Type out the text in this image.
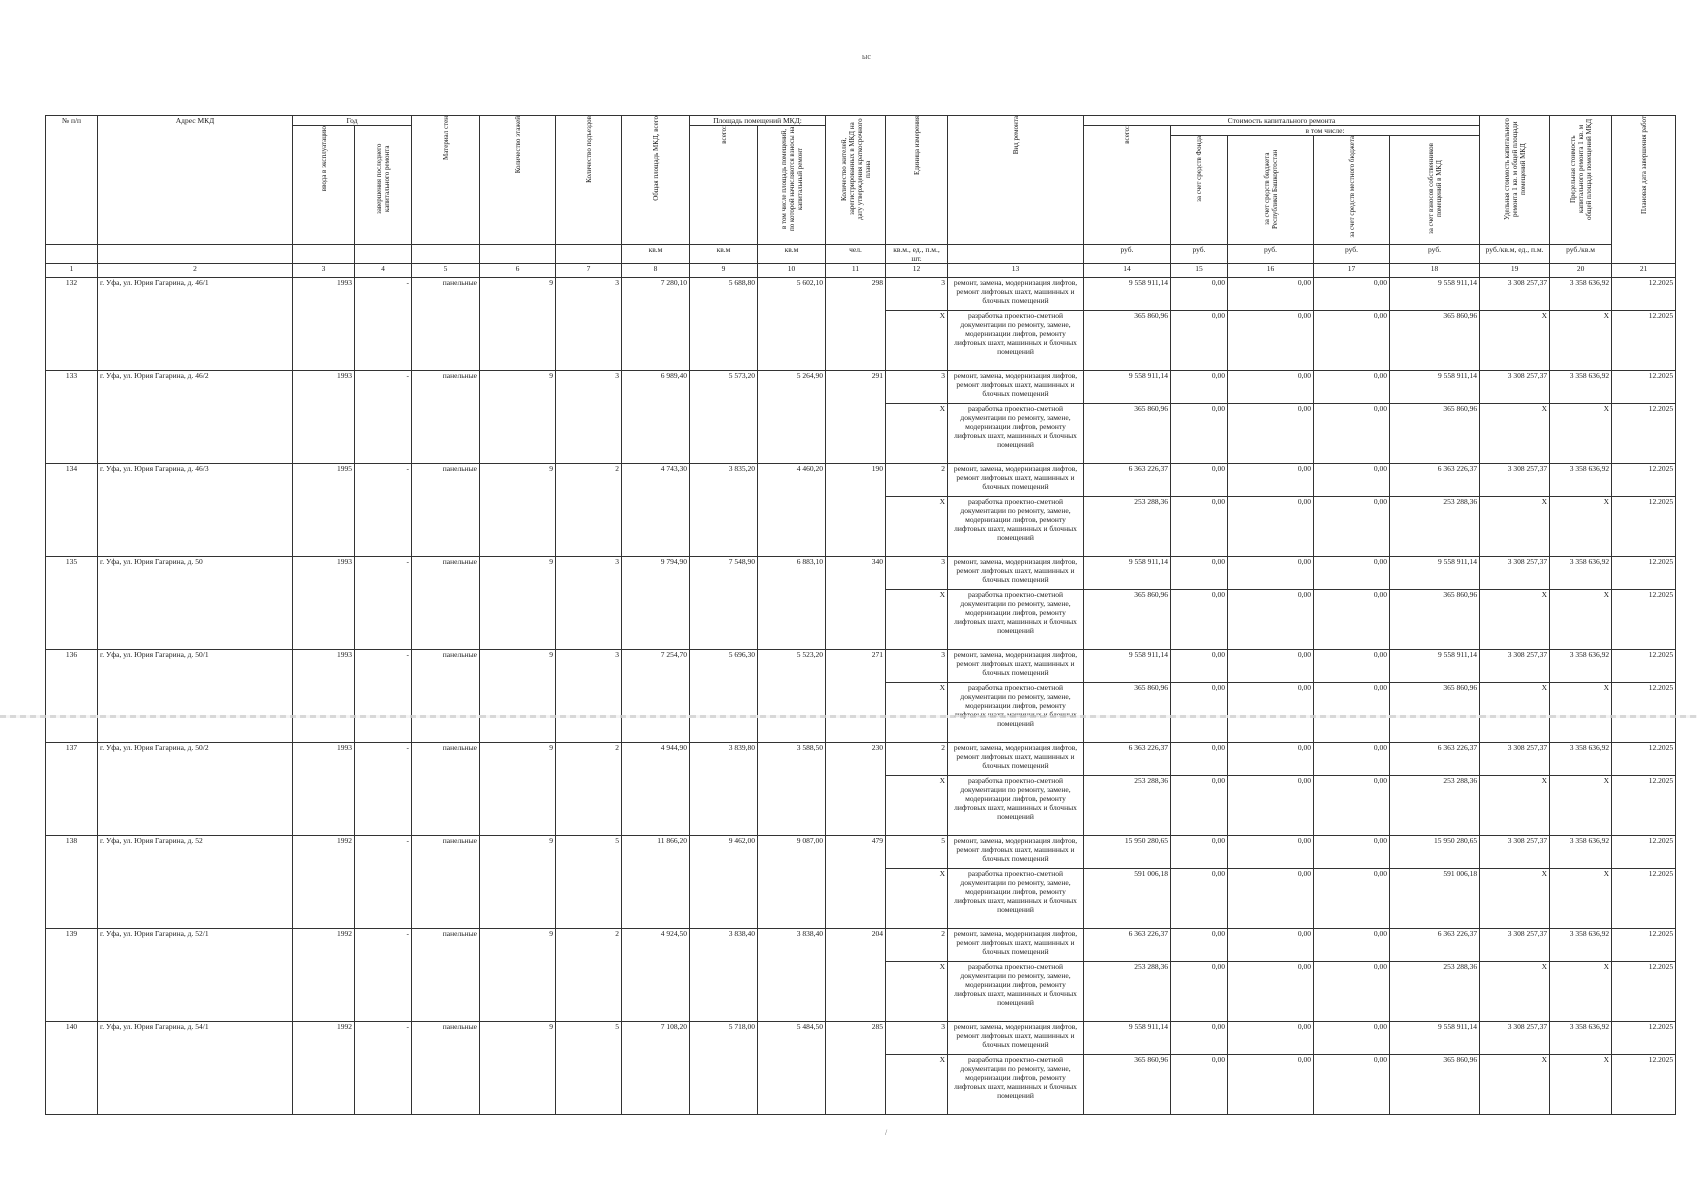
ыс
№ п/п	Адрес МКД	Год		Материал стен	Количество этажей	Количество подъездов	Общая площадь МКД, всего	Площадь помещений МКД:		Количество жителей, зарегистрированных в МКД на дату утверждения краткосрочного плана	Единица измерения	Вид ремонта	Стоимость капитального ремонта					Удельная стоимость капитального ремонта 1 кв. м общей площади помещений МКД	Предельная стоимость капитального ремонта 1 кв. м общей площади помещений МКД	Плановая дата завершения работ
		ввода в эксплуатацию	завершения последнего капитального ремонта					всего:	в том числе площадь помещений, по которой начисляются взносы на капитальный ремонт				всего:	в том числе:						
														за счет средств Фонда	за счет средств бюджета Республики Башкортостан	за счет средств местного бюджета	за счет взносов собственников помещений в МКД			
							кв.м	кв.м	кв.м	чел.	кв.м., ед., п.м., шт.		руб.	руб.	руб.	руб.	руб.	руб./кв.м, ед., п.м.	руб./кв.м	
1	2	3	4	5	6	7	8	9	10	11	12	13	14	15	16	17	18	19	20	21
132	г. Уфа, ул. Юрия Гагарина, д. 46/1	1993	-	панельные	9	3	7 280,10	5 688,80	5 602,10	298	3	ремонт, замена, модернизация лифтов, ремонт лифтовых шахт, машинных и блочных помещений	9 558 911,14	0,00	0,00	0,00	9 558 911,14	3 308 257,37	3 358 636,92	12.2025
											X	разработка проектно-сметной документации по ремонту, замене, модернизации лифтов, ремонту лифтовых шахт, машинных и блочных помещений	365 860,96	0,00	0,00	0,00	365 860,96	X	X	12.2025
133	г. Уфа, ул. Юрия Гагарина, д. 46/2	1993	-	панельные	9	3	6 989,40	5 573,20	5 264,90	291	3	ремонт, замена, модернизация лифтов, ремонт лифтовых шахт, машинных и блочных помещений	9 558 911,14	0,00	0,00	0,00	9 558 911,14	3 308 257,37	3 358 636,92	12.2025
											X	разработка проектно-сметной документации по ремонту, замене, модернизации лифтов, ремонту лифтовых шахт, машинных и блочных помещений	365 860,96	0,00	0,00	0,00	365 860,96	X	X	12.2025
134	г. Уфа, ул. Юрия Гагарина, д. 46/3	1995	-	панельные	9	2	4 743,30	3 835,20	4 460,20	190	2	ремонт, замена, модернизация лифтов, ремонт лифтовых шахт, машинных и блочных помещений	6 363 226,37	0,00	0,00	0,00	6 363 226,37	3 308 257,37	3 358 636,92	12.2025
											X	разработка проектно-сметной документации по ремонту, замене, модернизации лифтов, ремонту лифтовых шахт, машинных и блочных помещений	253 288,36	0,00	0,00	0,00	253 288,36	X	X	12.2025
135	г. Уфа, ул. Юрия Гагарина, д. 50	1993	-	панельные	9	3	9 794,90	7 548,90	6 883,10	340	3	ремонт, замена, модернизация лифтов, ремонт лифтовых шахт, машинных и блочных помещений	9 558 911,14	0,00	0,00	0,00	9 558 911,14	3 308 257,37	3 358 636,92	12.2025
											X	разработка проектно-сметной документации по ремонту, замене, модернизации лифтов, ремонту лифтовых шахт, машинных и блочных помещений	365 860,96	0,00	0,00	0,00	365 860,96	X	X	12.2025
136	г. Уфа, ул. Юрия Гагарина, д. 50/1	1993	-	панельные	9	3	7 254,70	5 696,30	5 523,20	271	3	ремонт, замена, модернизация лифтов, ремонт лифтовых шахт, машинных и блочных помещений	9 558 911,14	0,00	0,00	0,00	9 558 911,14	3 308 257,37	3 358 636,92	12.2025
											X	разработка проектно-сметной документации по ремонту, замене, модернизации лифтов, ремонту помещений	365 860,96	0,00	0,00	0,00	365 860,96	X	X	12.2025
137	г. Уфа, ул. Юрия Гагарина, д. 50/2	1993	-	панельные	9	2	4 944,90	3 839,80	3 588,50	230	2	ремонт, замена, модернизация лифтов, ремонт лифтовых шахт, машинных и блочных помещений	6 363 226,37	0,00	0,00	0,00	6 363 226,37	3 308 257,37	3 358 636,92	12.2025
											X	разработка проектно-сметной документации по ремонту, замене, модернизации лифтов, ремонту лифтовых шахт, машинных и блочных помещений	253 288,36	0,00	0,00	0,00	253 288,36	X	X	12.2025
138	г. Уфа, ул. Юрия Гагарина, д. 52	1992	-	панельные	9	5	11 866,20	9 462,00	9 087,00	479	5	ремонт, замена, модернизация лифтов, ремонт лифтовых шахт, машинных и блочных помещений	15 950 280,65	0,00	0,00	0,00	15 950 280,65	3 308 257,37	3 358 636,92	12.2025
											X	разработка проектно-сметной документации по ремонту, замене, модернизации лифтов, ремонту лифтовых шахт, машинных и блочных помещений	591 006,18	0,00	0,00	0,00	591 006,18	X	X	12.2025
139	г. Уфа, ул. Юрия Гагарина, д. 52/1	1992	-	панельные	9	2	4 924,50	3 838,40	3 838,40	204	2	ремонт, замена, модернизация лифтов, ремонт лифтовых шахт, машинных и блочных помещений	6 363 226,37	0,00	0,00	0,00	6 363 226,37	3 308 257,37	3 358 636,92	12.2025
											X	разработка проектно-сметной документации по ремонту, замене, модернизации лифтов, ремонту лифтовых шахт, машинных и блочных помещений	253 288,36	0,00	0,00	0,00	253 288,36	X	X	12.2025
140	г. Уфа, ул. Юрия Гагарина, д. 54/1	1992	-	панельные	9	5	7 108,20	5 718,00	5 484,50	285	3	ремонт, замена, модернизация лифтов, ремонт лифтовых шахт, машинных и блочных помещений	9 558 911,14	0,00	0,00	0,00	9 558 911,14	3 308 257,37	3 358 636,92	12.2025
											X	разработка проектно-сметной документации по ремонту, замене, модернизации лифтов, ремонту лифтовых шахт, машинных и блочных помещений	365 860,96	0,00	0,00	0,00	365 860,96	X	X	12.2025
/
